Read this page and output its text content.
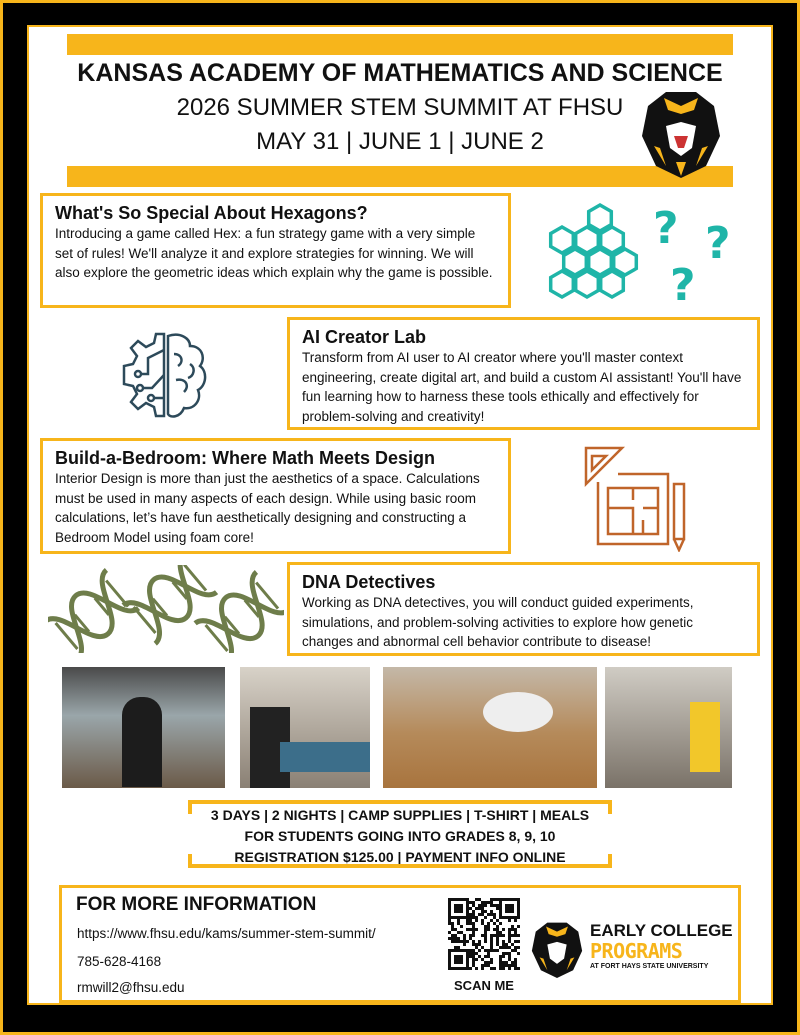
KANSAS ACADEMY OF MATHEMATICS AND SCIENCE
2026 SUMMER STEM SUMMIT AT FHSU
MAY 31 | JUNE 1 | JUNE 2
What's So Special About Hexagons?

Introducing a game called Hex: a fun strategy game with a very simple set of rules! We'll analyze it and explore strategies for winning. We will also explore the geometric ideas which explain why the game is possible.

? ?
?
AI Creator Lab

Transform from AI user to AI creator where you'll master context engineering, create digital art, and build a custom AI assistant! You'll have fun learning how to harness these tools ethically and effectively for problem-solving and creativity!

Build-a-Bedroom: Where Math Meets Design

Interior Design is more than just the aesthetics of a space. Calculations must be used in many aspects of each design. While using basic room calculations, let’s have fun aesthetically designing and constructing a Bedroom Model using foam core!

DNA Detectives

Working as DNA detectives, you will conduct guided experiments, simulations, and problem-solving activities to explore how genetic changes and abnormal cell behavior contribute to disease!

3 DAYS | 2 NIGHTS | CAMP SUPPLIES | T-SHIRT | MEALS
FOR STUDENTS GOING INTO GRADES 8, 9, 10
REGISTRATION $125.00 | PAYMENT INFO ONLINE
FOR MORE INFORMATION
https://www.fhsu.edu/kams/summer-stem-summit/
785-628-4168
rmwill2@fhsu.edu	SCAN ME
EARLY COLLEGE
PROGRAMS
AT FORT HAYS STATE UNIVERSITY
